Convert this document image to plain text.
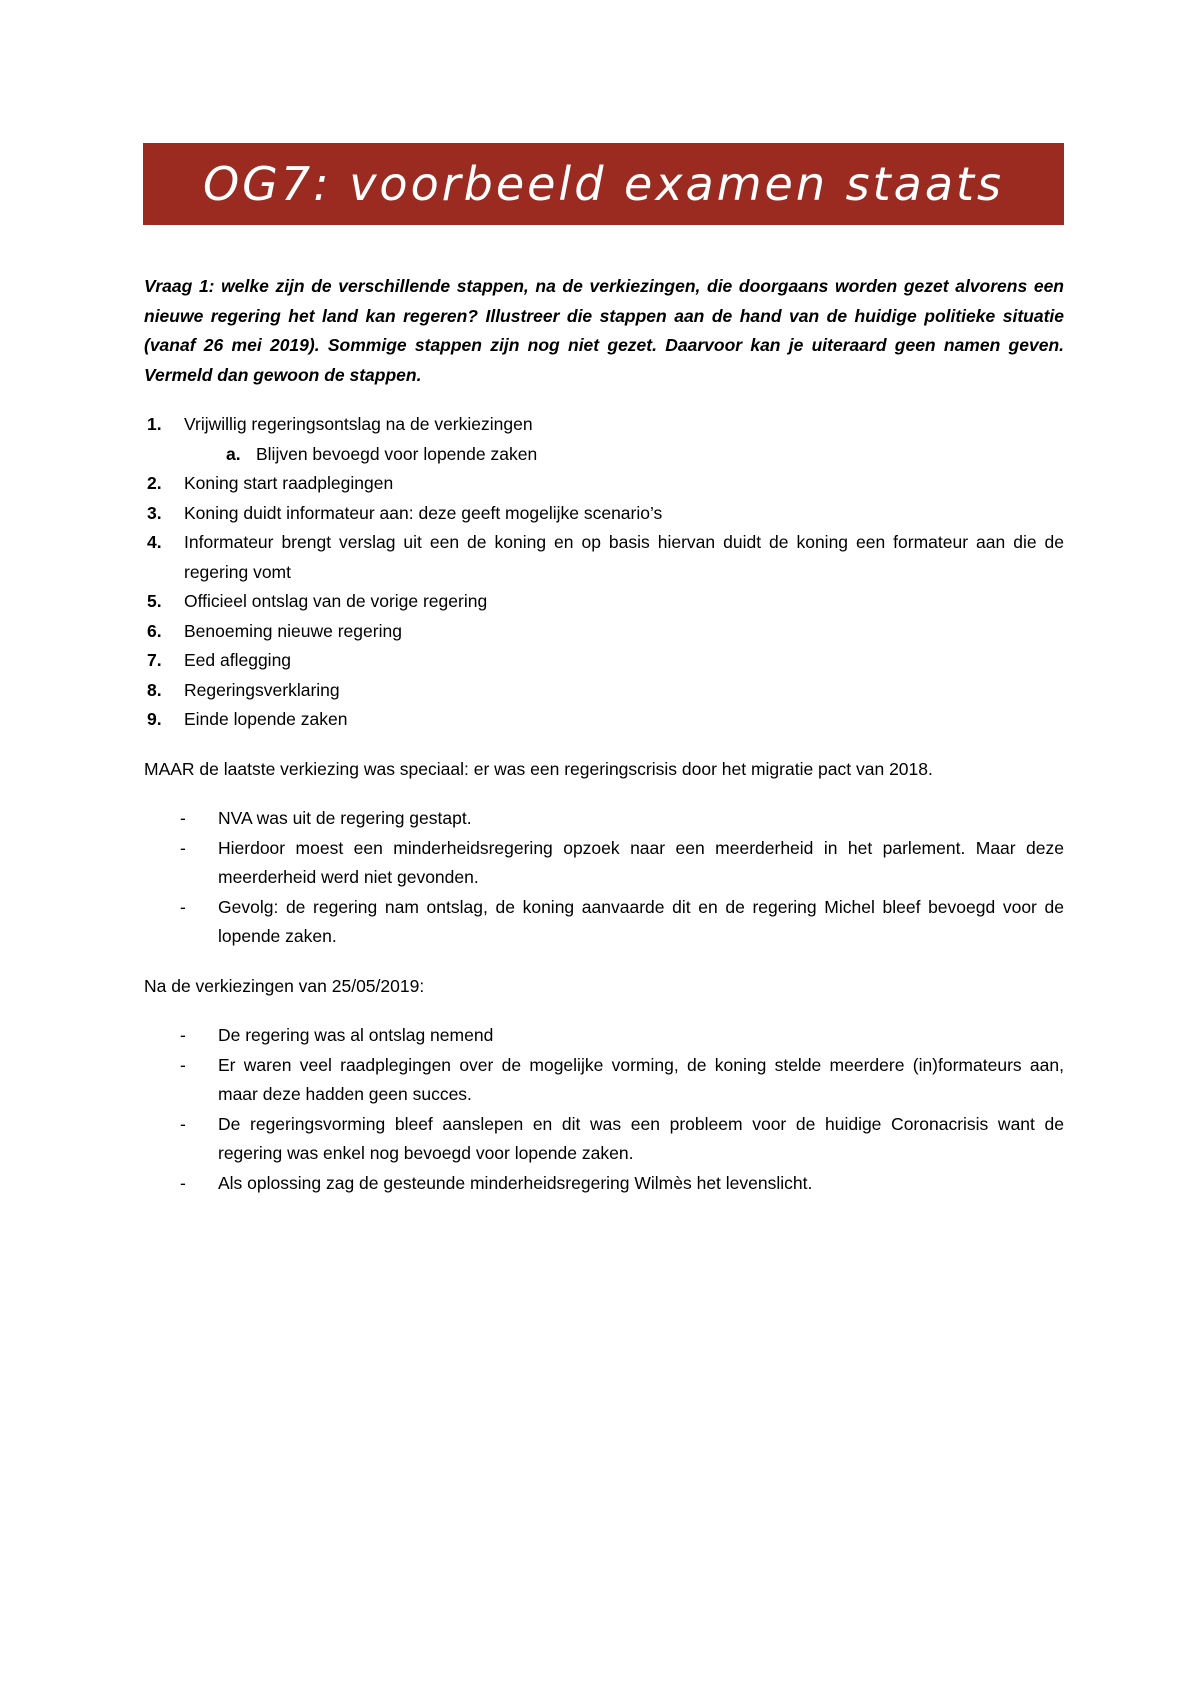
OG7: voorbeeld examen staats

Vraag 1: welke zijn de verschillende stappen, na de verkiezingen, die doorgaans worden gezet alvorens een nieuwe regering het land kan regeren? Illustreer die stappen aan de hand van de huidige politieke situatie (vanaf 26 mei 2019). Sommige stappen zijn nog niet gezet. Daarvoor kan je uiteraard geen namen geven. Vermeld dan gewoon de stappen.

1. Vrijwillig regeringsontslag na de verkiezingen
a. Blijven bevoegd voor lopende zaken
2. Koning start raadplegingen
3. Koning duidt informateur aan: deze geeft mogelijke scenario’s
4. Informateur brengt verslag uit een de koning en op basis hiervan duidt de koning een formateur aan die de regering vomt
5. Officieel ontslag van de vorige regering
6. Benoeming nieuwe regering
7. Eed aflegging
8. Regeringsverklaring
9. Einde lopende zaken

MAAR de laatste verkiezing was speciaal: er was een regeringscrisis door het migratie pact van 2018.

- NVA was uit de regering gestapt.
- Hierdoor moest een minderheidsregering opzoek naar een meerderheid in het parlement. Maar deze meerderheid werd niet gevonden.
- Gevolg: de regering nam ontslag, de koning aanvaarde dit en de regering Michel bleef bevoegd voor de lopende zaken.

Na de verkiezingen van 25/05/2019:

- De regering was al ontslag nemend
- Er waren veel raadplegingen over de mogelijke vorming, de koning stelde meerdere (in)formateurs aan, maar deze hadden geen succes.
- De regeringsvorming bleef aanslepen en dit was een probleem voor de huidige Coronacrisis want de regering was enkel nog bevoegd voor lopende zaken.
- Als oplossing zag de gesteunde minderheidsregering Wilmès het levenslicht.
